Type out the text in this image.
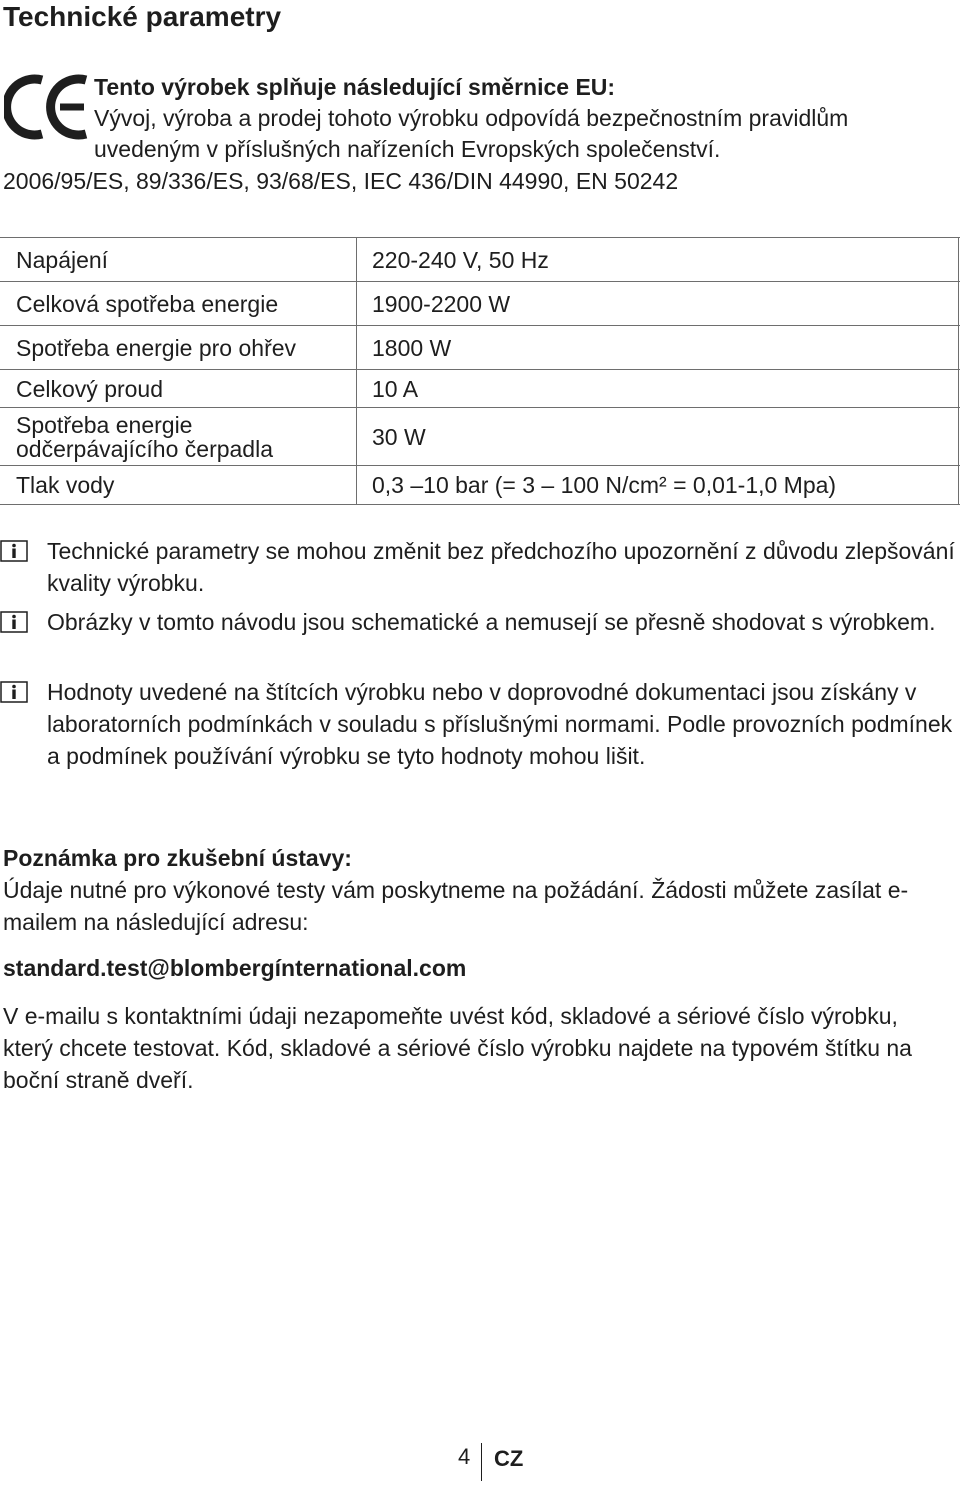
Technické parametry
Tento výrobek splňuje následující směrnice EU:
Vývoj, výroba a prodej tohoto výrobku odpovídá bezpečnostním pravidlům
uvedeným v příslušných nařízeních Evropských společenství.
2006/95/ES, 89/336/ES, 93/68/ES, IEC 436/DIN 44990, EN 50242
Napájení	220-240 V, 50 Hz
Celková spotřeba energie	1900-2200 W
Spotřeba energie pro ohřev	1800 W
Celkový proud	10 A
Spotřeba energie
odčerpávajícího čerpadla	30 W
Tlak vody	0,3 –10 bar (= 3 – 100 N/cm² = 0,01-1,0 Mpa)
Technické parametry se mohou změnit bez předchozího upozornění z důvodu zlepšování kvality výrobku.
Obrázky v tomto návodu jsou schematické a nemusejí se přesně shodovat s výrobkem.
Hodnoty uvedené na štítcích výrobku nebo v doprovodné dokumentaci jsou získány v laboratorních podmínkách v souladu s příslušnými normami. Podle provozních podmínek a podmínek používání výrobku se tyto hodnoty mohou lišit.
Poznámka pro zkušební ústavy:
Údaje nutné pro výkonové testy vám poskytneme na požádání. Žádosti můžete zasílat e-mailem na následující adresu:
standard.test@blombergínternational.com
V e-mailu s kontaktními údaji nezapomeňte uvést kód, skladové a sériové číslo výrobku, který chcete testovat. Kód, skladové a sériové číslo výrobku najdete na typovém štítku na boční straně dveří.
4 CZ
